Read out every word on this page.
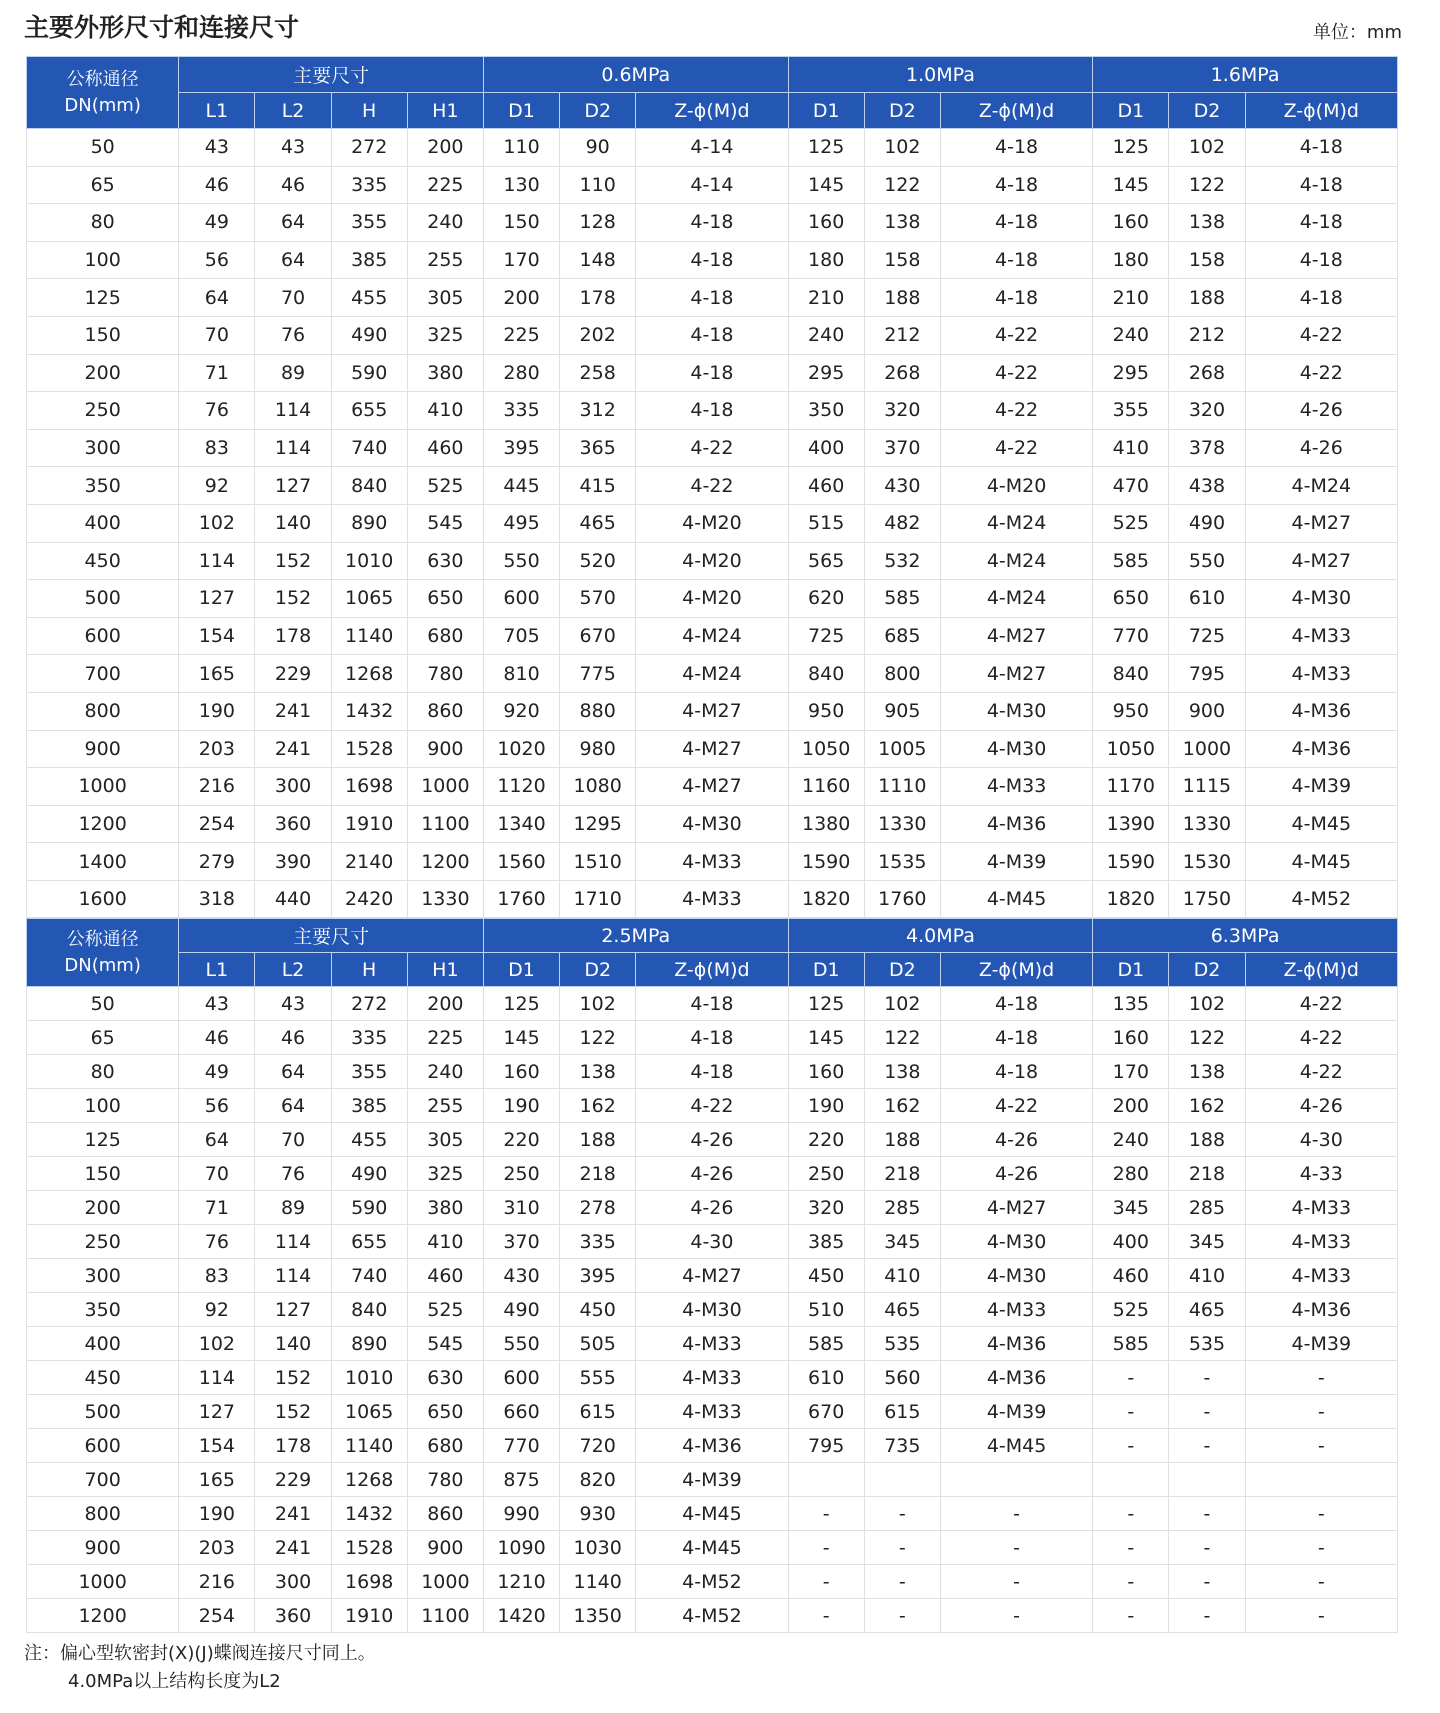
主要外形尺寸和连接尺寸	单位：mm
公称通径
DN(mm)	主要尺寸				0.6MPa			1.0MPa			1.6MPa		
	L1	L2	H	H1	D1	D2	Z-ϕ(M)d	D1	D2	Z-ϕ(M)d	D1	D2	Z-ϕ(M)d
50	43	43	272	200	110	90	4-14	125	102	4-18	125	102	4-18
65	46	46	335	225	130	110	4-14	145	122	4-18	145	122	4-18
80	49	64	355	240	150	128	4-18	160	138	4-18	160	138	4-18
100	56	64	385	255	170	148	4-18	180	158	4-18	180	158	4-18
125	64	70	455	305	200	178	4-18	210	188	4-18	210	188	4-18
150	70	76	490	325	225	202	4-18	240	212	4-22	240	212	4-22
200	71	89	590	380	280	258	4-18	295	268	4-22	295	268	4-22
250	76	114	655	410	335	312	4-18	350	320	4-22	355	320	4-26
300	83	114	740	460	395	365	4-22	400	370	4-22	410	378	4-26
350	92	127	840	525	445	415	4-22	460	430	4-M20	470	438	4-M24
400	102	140	890	545	495	465	4-M20	515	482	4-M24	525	490	4-M27
450	114	152	1010	630	550	520	4-M20	565	532	4-M24	585	550	4-M27
500	127	152	1065	650	600	570	4-M20	620	585	4-M24	650	610	4-M30
600	154	178	1140	680	705	670	4-M24	725	685	4-M27	770	725	4-M33
700	165	229	1268	780	810	775	4-M24	840	800	4-M27	840	795	4-M33
800	190	241	1432	860	920	880	4-M27	950	905	4-M30	950	900	4-M36
900	203	241	1528	900	1020	980	4-M27	1050	1005	4-M30	1050	1000	4-M36
1000	216	300	1698	1000	1120	1080	4-M27	1160	1110	4-M33	1170	1115	4-M39
1200	254	360	1910	1100	1340	1295	4-M30	1380	1330	4-M36	1390	1330	4-M45
1400	279	390	2140	1200	1560	1510	4-M33	1590	1535	4-M39	1590	1530	4-M45
1600	318	440	2420	1330	1760	1710	4-M33	1820	1760	4-M45	1820	1750	4-M52
公称通径
DN(mm)	主要尺寸				2.5MPa			4.0MPa			6.3MPa		
	L1	L2	H	H1	D1	D2	Z-ϕ(M)d	D1	D2	Z-ϕ(M)d	D1	D2	Z-ϕ(M)d
50	43	43	272	200	125	102	4-18	125	102	4-18	135	102	4-22
65	46	46	335	225	145	122	4-18	145	122	4-18	160	122	4-22
80	49	64	355	240	160	138	4-18	160	138	4-18	170	138	4-22
100	56	64	385	255	190	162	4-22	190	162	4-22	200	162	4-26
125	64	70	455	305	220	188	4-26	220	188	4-26	240	188	4-30
150	70	76	490	325	250	218	4-26	250	218	4-26	280	218	4-33
200	71	89	590	380	310	278	4-26	320	285	4-M27	345	285	4-M33
250	76	114	655	410	370	335	4-30	385	345	4-M30	400	345	4-M33
300	83	114	740	460	430	395	4-M27	450	410	4-M30	460	410	4-M33
350	92	127	840	525	490	450	4-M30	510	465	4-M33	525	465	4-M36
400	102	140	890	545	550	505	4-M33	585	535	4-M36	585	535	4-M39
450	114	152	1010	630	600	555	4-M33	610	560	4-M36	-	-	-
500	127	152	1065	650	660	615	4-M33	670	615	4-M39	-	-	-
600	154	178	1140	680	770	720	4-M36	795	735	4-M45	-	-	-
700	165	229	1268	780	875	820	4-M39						
800	190	241	1432	860	990	930	4-M45	-	-	-	-	-	-
900	203	241	1528	900	1090	1030	4-M45	-	-	-	-	-	-
1000	216	300	1698	1000	1210	1140	4-M52	-	-	-	-	-	-
1200	254	360	1910	1100	1420	1350	4-M52	-	-	-	-	-	-
注：偏心型软密封(X)(J)蝶阀连接尺寸同上。
4.0MPa以上结构长度为L2
